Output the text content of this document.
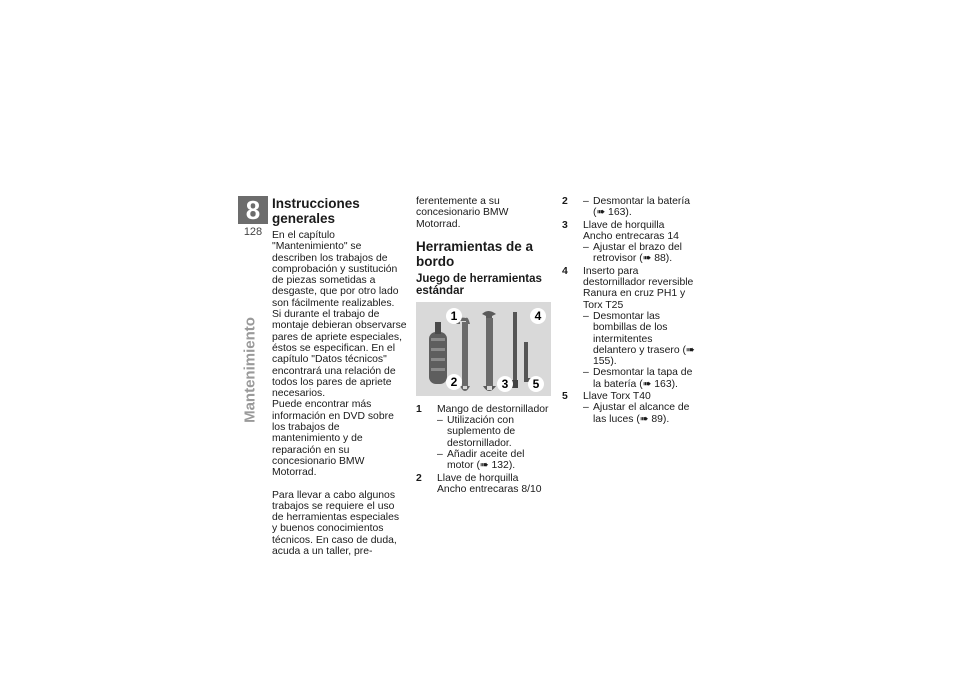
8
128
Mantenimiento
Instrucciones generales

En el capítulo "Mantenimiento" se describen los trabajos de comprobación y sustitución de piezas sometidas a desgaste, que por otro lado son fácilmente realizables.

Si durante el trabajo de montaje debieran observarse pares de apriete especiales, éstos se especifican. En el capítulo "Datos técnicos" encontrará una relación de todos los pares de apriete necesarios.

Puede encontrar más información en DVD sobre los trabajos de mantenimiento y de reparación en su concesionario BMW Motorrad.

Para llevar a cabo algunos trabajos se requiere el uso de herramientas especiales y buenos conocimientos técnicos. En caso de duda, acuda a un taller, pre-

ferentemente a su concesionario BMW Motorrad.

Herramientas de a bordo
Juego de herramientas estándar
1
2	3
4
5
1	Mango de destornillador
– Utilización con suplemento de destornillador.
– Añadir aceite del motor (➠ 132).
2	Llave de horquilla
Ancho entrecaras 8/10
2	– Desmontar la batería (➠ 163).
3	Llave de horquilla
Ancho entrecaras 14
– Ajustar el brazo del retrovisor (➠ 88).
4	Inserto para destornillador reversible
Ranura en cruz PH1 y Torx T25
– Desmontar las bombillas de los intermitentes delantero y trasero (➠ 155).
– Desmontar la tapa de la batería (➠ 163).
5	Llave Torx T40
– Ajustar el alcance de las luces (➠ 89).
